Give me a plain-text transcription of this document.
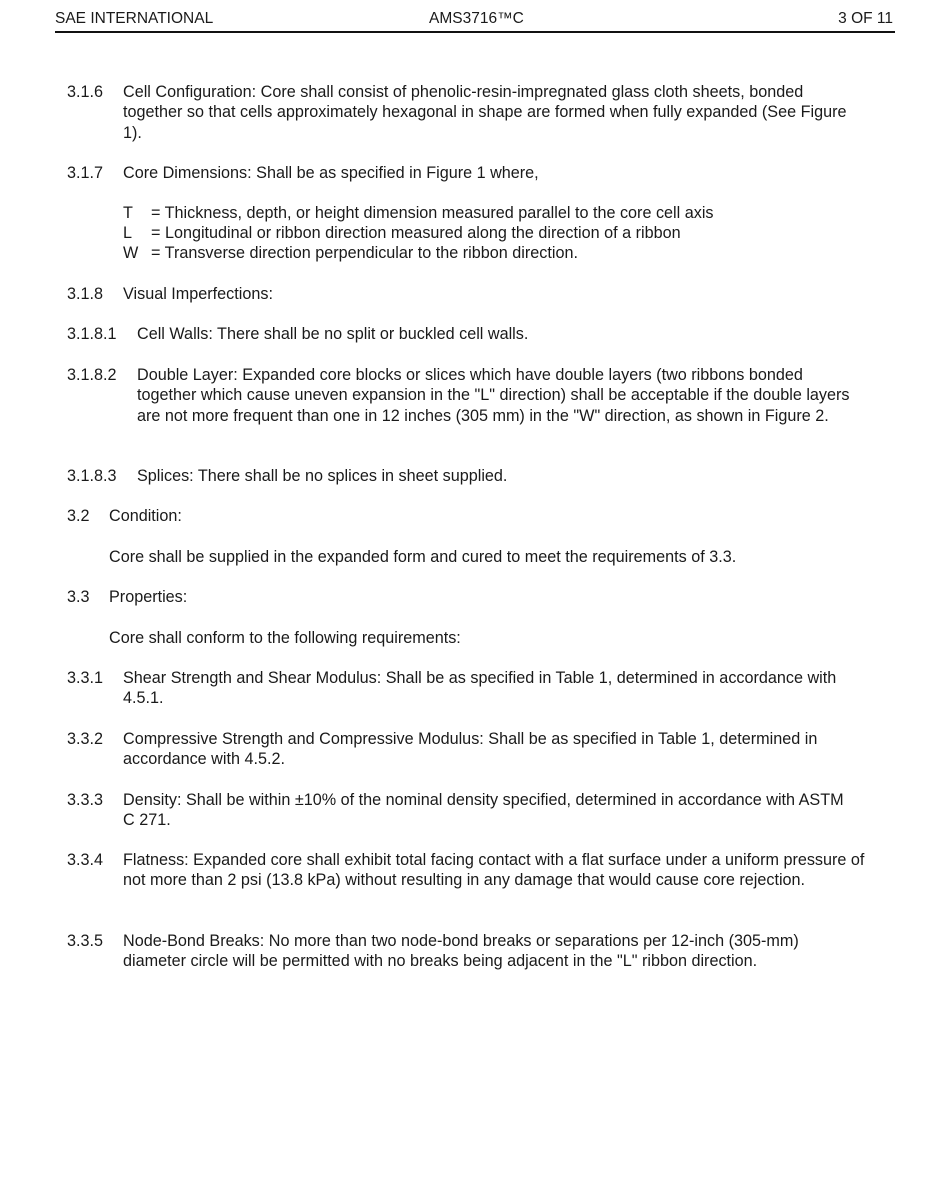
SAE INTERNATIONAL	AMS3716™C	3 OF 11
3.1.6 Cell Configuration: Core shall consist of phenolic-resin-impregnated glass cloth sheets, bonded together so that cells approximately hexagonal in shape are formed when fully expanded (See Figure 1).
3.1.7 Core Dimensions: Shall be as specified in Figure 1 where,
T = Thickness, depth, or height dimension measured parallel to the core cell axis
L = Longitudinal or ribbon direction measured along the direction of a ribbon
W = Transverse direction perpendicular to the ribbon direction.
3.1.8 Visual Imperfections:
3.1.8.1 Cell Walls: There shall be no split or buckled cell walls.
3.1.8.2 Double Layer: Expanded core blocks or slices which have double layers (two ribbons bonded together which cause uneven expansion in the "L" direction) shall be acceptable if the double layers are not more frequent than one in 12 inches (305 mm) in the "W" direction, as shown in Figure 2.
3.1.8.3 Splices: There shall be no splices in sheet supplied.
3.2 Condition:
Core shall be supplied in the expanded form and cured to meet the requirements of 3.3.
3.3 Properties:
Core shall conform to the following requirements:
3.3.1 Shear Strength and Shear Modulus: Shall be as specified in Table 1, determined in accordance with 4.5.1.
3.3.2 Compressive Strength and Compressive Modulus: Shall be as specified in Table 1, determined in accordance with 4.5.2.
3.3.3 Density: Shall be within ±10% of the nominal density specified, determined in accordance with ASTM C 271.
3.3.4 Flatness: Expanded core shall exhibit total facing contact with a flat surface under a uniform pressure of not more than 2 psi (13.8 kPa) without resulting in any damage that would cause core rejection.
3.3.5 Node-Bond Breaks: No more than two node-bond breaks or separations per 12-inch (305-mm) diameter circle will be permitted with no breaks being adjacent in the "L" ribbon direction.
